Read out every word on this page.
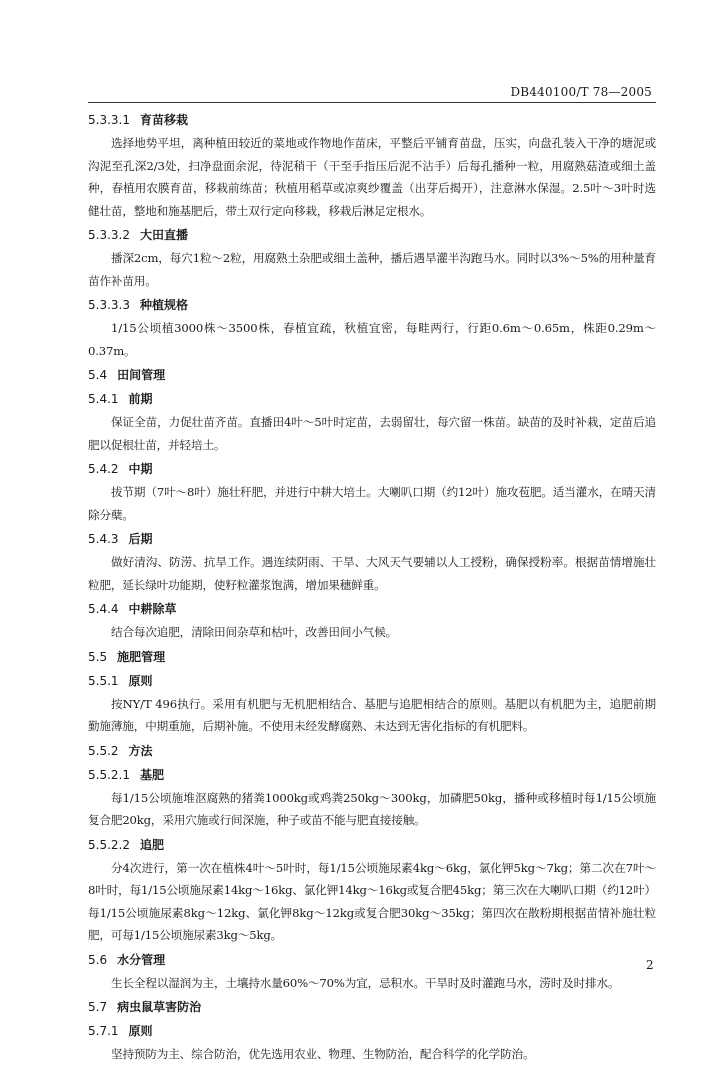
DB440100/T 78—2005
5.3.3.1 育苗移栽

选择地势平坦，离种植田较近的菜地或作物地作苗床，平整后平铺育苗盘，压实，向盘孔装入干净的塘泥或沟泥至孔深2/3处，扫净盘面余泥，待泥稍干（干至手指压后泥不沾手）后每孔播种一粒，用腐熟菇渣或细土盖种，春植用农膜育苗，移栽前练苗；秋植用稻草或凉爽纱覆盖（出芽后揭开），注意淋水保湿。2.5叶～3叶时选健壮苗，整地和施基肥后，带土双行定向移栽，移栽后淋足定根水。

5.3.3.2 大田直播

播深2cm，每穴1粒～2粒，用腐熟土杂肥或细土盖种，播后遇旱灌半沟跑马水。同时以3%～5%的用种量育苗作补苗用。

5.3.3.3 种植规格

1/15公顷植3000株～3500株，春植宜疏，秋植宜密，每畦两行，行距0.6m～0.65m，株距0.29m～0.37m。

5.4 田间管理
5.4.1 前期

保证全苗，力促壮苗齐苗。直播田4叶～5叶时定苗，去弱留壮，每穴留一株苗。缺苗的及时补栽，定苗后追肥以促根壮苗，并轻培土。

5.4.2 中期

拔节期（7叶～8叶）施壮秆肥，并进行中耕大培土。大喇叭口期（约12叶）施攻苞肥。适当灌水，在晴天清除分蘖。

5.4.3 后期

做好清沟、防涝、抗旱工作。遇连续阴雨、干旱、大风天气要辅以人工授粉，确保授粉率。根据苗情增施壮粒肥，延长绿叶功能期，使籽粒灌浆饱满，增加果穗鲜重。

5.4.4 中耕除草

结合每次追肥，清除田间杂草和枯叶，改善田间小气候。

5.5 施肥管理
5.5.1 原则

按NY/T 496执行。采用有机肥与无机肥相结合、基肥与追肥相结合的原则。基肥以有机肥为主，追肥前期勤施薄施，中期重施，后期补施。不使用未经发酵腐熟、未达到无害化指标的有机肥料。

5.5.2 方法
5.5.2.1 基肥

每1/15公顷施堆沤腐熟的猪粪1000kg或鸡粪250kg～300kg，加磷肥50kg，播种或移植时每1/15公顷施复合肥20kg，采用穴施或行间深施，种子或苗不能与肥直接接触。

5.5.2.2 追肥

分4次进行，第一次在植株4叶～5叶时，每1/15公顷施尿素4kg～6kg，氯化钾5kg～7kg；第二次在7叶～8叶时，每1/15公顷施尿素14kg～16kg、氯化钾14kg～16kg或复合肥45kg；第三次在大喇叭口期（约12叶）每1/15公顷施尿素8kg～12kg、氯化钾8kg～12kg或复合肥30kg～35kg；第四次在散粉期根据苗情补施壮粒肥，可每1/15公顷施尿素3kg～5kg。

5.6 水分管理

生长全程以湿润为主，土壤持水量60%～70%为宜，忌积水。干旱时及时灌跑马水，涝时及时排水。

5.7 病虫鼠草害防治
5.7.1 原则

坚持预防为主、综合防治，优先选用农业、物理、生物防治，配合科学的化学防治。

2
